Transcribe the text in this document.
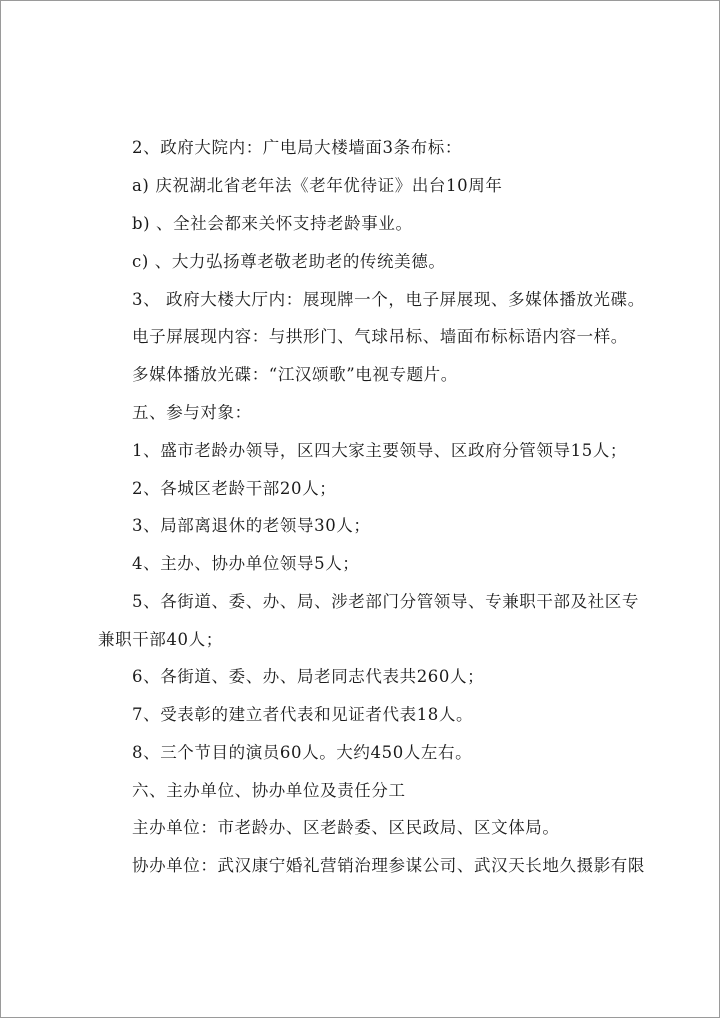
2、政府大院内：广电局大楼墙面3条布标：
a) 庆祝湖北省老年法《老年优待证》出台10周年
b) 、全社会都来关怀支持老龄事业。
c) 、大力弘扬尊老敬老助老的传统美德。
3、 政府大楼大厅内：展现牌一个，电子屏展现、多媒体播放光碟。
电子屏展现内容：与拱形门、气球吊标、墙面布标标语内容一样。
多媒体播放光碟：“江汉颂歌”电视专题片。
五、参与对象：
1、盛市老龄办领导，区四大家主要领导、区政府分管领导15人；
2、各城区老龄干部20人；
3、局部离退休的老领导30人；
4、主办、协办单位领导5人；
5、各街道、委、办、局、涉老部门分管领导、专兼职干部及社区专
兼职干部40人；
6、各街道、委、办、局老同志代表共260人；
7、受表彰的建立者代表和见证者代表18人。
8、三个节目的演员60人。大约450人左右。
六、主办单位、协办单位及责任分工
主办单位：市老龄办、区老龄委、区民政局、区文体局。
协办单位：武汉康宁婚礼营销治理参谋公司、武汉天长地久摄影有限
